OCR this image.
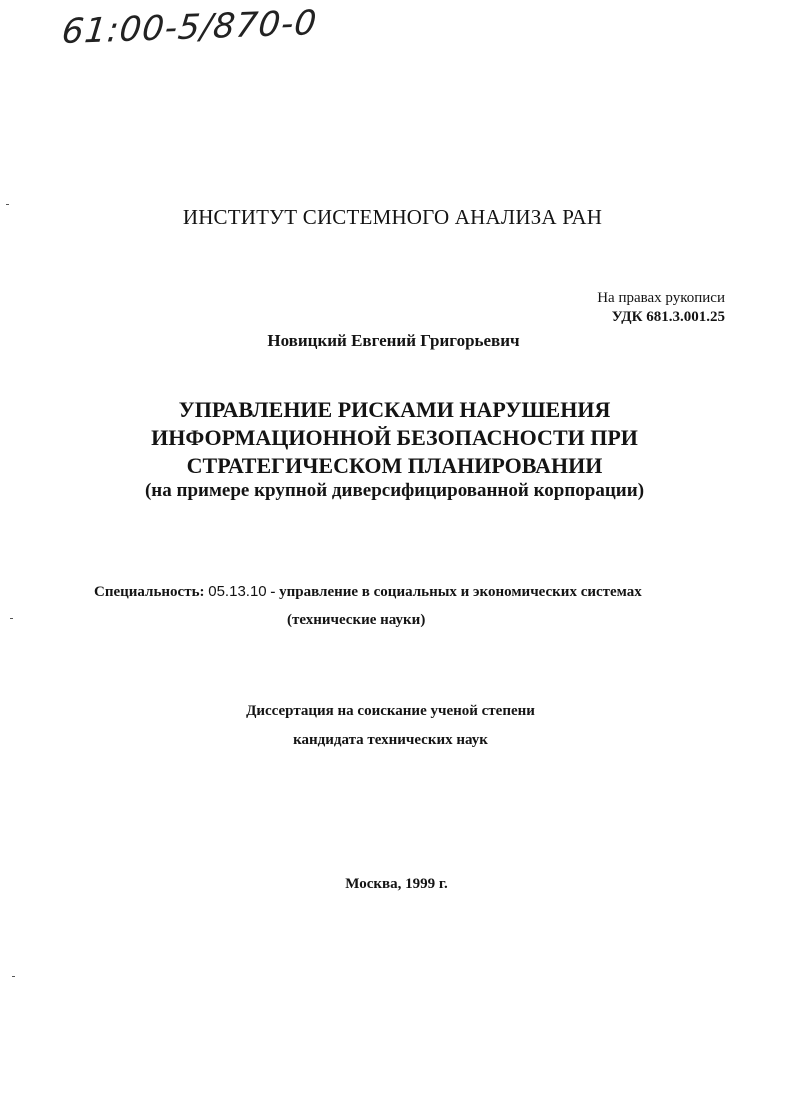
61:00-5/870-0
ИНСТИТУТ СИСТЕМНОГО АНАЛИЗА РАН
На правах рукописи
УДК 681.3.001.25
Новицкий Евгений Григорьевич
УПРАВЛЕНИЕ РИСКАМИ НАРУШЕНИЯ
ИНФОРМАЦИОННОЙ БЕЗОПАСНОСТИ ПРИ
СТРАТЕГИЧЕСКОМ ПЛАНИРОВАНИИ
(на примере крупной диверсифицированной корпорации)
Специальность: 05.13.10 - управление в социальных и экономических системах
(технические науки)
Диссертация на соискание ученой степени
кандидата технических наук
Москва, 1999 г.
